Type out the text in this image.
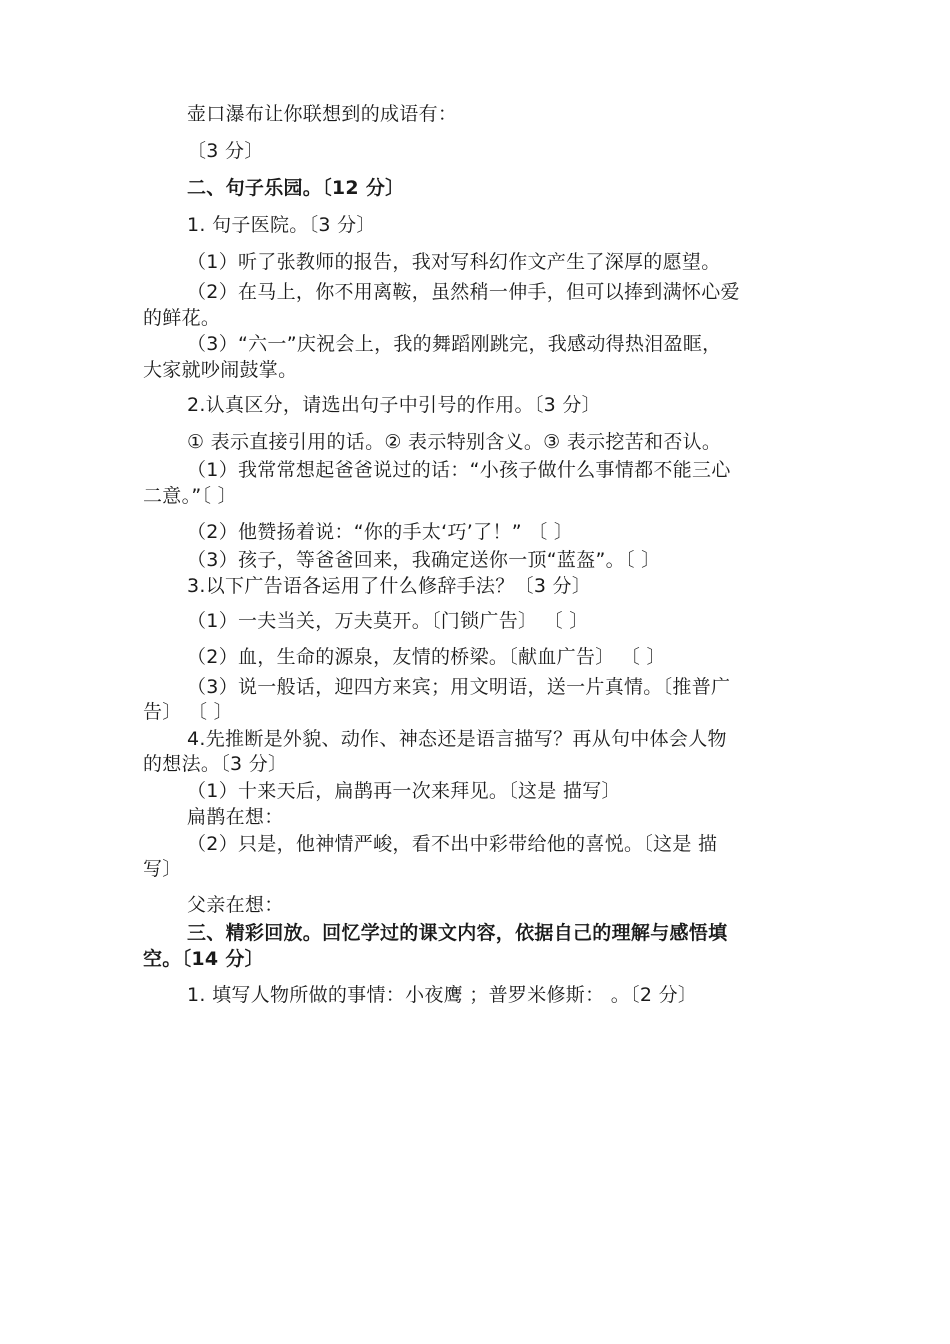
壶口瀑布让你联想到的成语有：
〔3 分〕
二、句子乐园。〔12 分〕
1. 句子医院。〔3 分〕
（1）听了张教师的报告，我对写科幻作文产生了深厚的愿望。
（2）在马上，你不用离鞍，虽然稍一伸手，但可以捧到满怀心爱
的鲜花。
（3）“六一”庆祝会上，我的舞蹈刚跳完，我感动得热泪盈眶，
大家就吵闹鼓掌。
2.认真区分，请选出句子中引号的作用。〔3 分〕
① 表示直接引用的话。② 表示特别含义。③ 表示挖苦和否认。
（1）我常常想起爸爸说过的话：“小孩子做什么事情都不能三心
二意。”〔 〕
（2）他赞扬着说：“你的手太‘巧’了！” 〔 〕
（3）孩子，等爸爸回来，我确定送你一顶“蓝盔”。〔 〕
3.以下广告语各运用了什么修辞手法？〔3 分〕
（1）一夫当关，万夫莫开。〔门锁广告〕 〔 〕
（2）血，生命的源泉，友情的桥梁。〔献血广告〕 〔 〕
（3）说一般话，迎四方来宾；用文明语，送一片真情。〔推普广
告〕 〔 〕
4.先推断是外貌、动作、神态还是语言描写？再从句中体会人物
的想法。〔3 分〕
（1）十来天后，扁鹊再一次来拜见。〔这是 描写〕
扁鹊在想：
（2）只是，他神情严峻，看不出中彩带给他的喜悦。〔这是 描
写〕
父亲在想：
三、精彩回放。回忆学过的课文内容，依据自己的理解与感悟填
空。〔14 分〕
1. 填写人物所做的事情：小夜鹰 ；普罗米修斯： 。〔2 分〕
